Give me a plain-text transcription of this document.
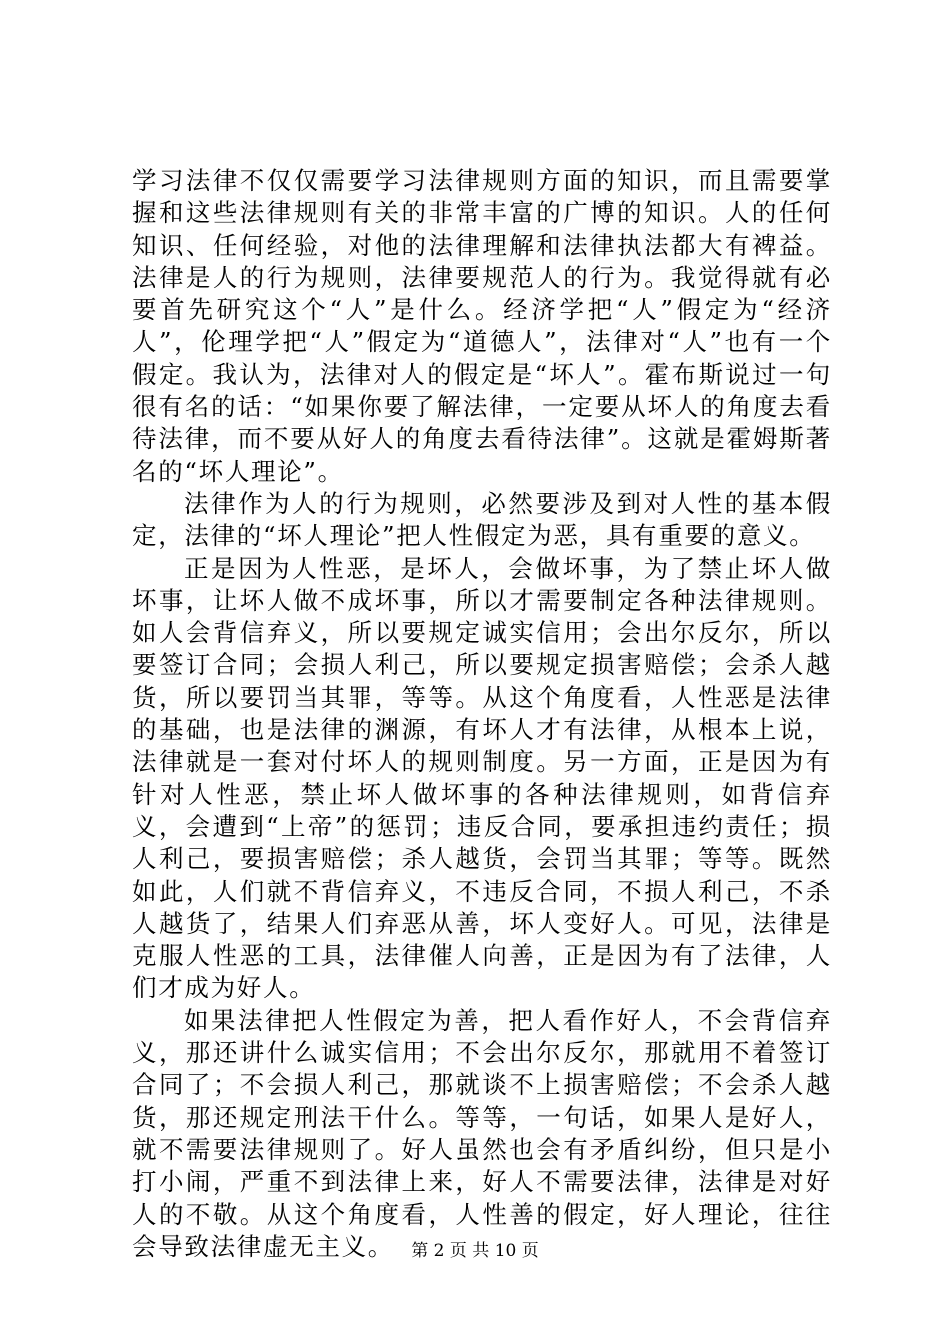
学习法律不仅仅需要学习法律规则方面的知识，而且需要掌握和这些法律规则有关的非常丰富的广博的知识。人的任何知识、任何经验，对他的法律理解和法律执法都大有裨益。法律是人的行为规则，法律要规范人的行为。我觉得就有必要首先研究这个“人”是什么。经济学把“人”假定为“经济人”，伦理学把“人”假定为“道德人”，法律对“人”也有一个假定。我认为，法律对人的假定是“坏人”。霍布斯说过一句很有名的话：“如果你要了解法律，一定要从坏人的角度去看待法律，而不要从好人的角度去看待法律”。这就是霍姆斯著名的“坏人理论”。

法律作为人的行为规则，必然要涉及到对人性的基本假定，法律的“坏人理论”把人性假定为恶，具有重要的意义。

正是因为人性恶，是坏人，会做坏事，为了禁止坏人做坏事，让坏人做不成坏事，所以才需要制定各种法律规则。如人会背信弃义，所以要规定诚实信用；会出尔反尔，所以要签订合同；会损人利己，所以要规定损害赔偿；会杀人越货，所以要罚当其罪，等等。从这个角度看，人性恶是法律的基础，也是法律的渊源，有坏人才有法律，从根本上说，法律就是一套对付坏人的规则制度。另一方面，正是因为有针对人性恶，禁止坏人做坏事的各种法律规则，如背信弃义，会遭到“上帝”的惩罚；违反合同，要承担违约责任；损人利己，要损害赔偿；杀人越货，会罚当其罪；等等。既然如此，人们就不背信弃义，不违反合同，不损人利己，不杀人越货了，结果人们弃恶从善，坏人变好人。可见，法律是克服人性恶的工具，法律催人向善，正是因为有了法律，人们才成为好人。

如果法律把人性假定为善，把人看作好人，不会背信弃义，那还讲什么诚实信用；不会出尔反尔，那就用不着签订合同了；不会损人利己，那就谈不上损害赔偿；不会杀人越货，那还规定刑法干什么。等等，一句话，如果人是好人，就不需要法律规则了。好人虽然也会有矛盾纠纷，但只是小打小闹，严重不到法律上来，好人不需要法律，法律是对好人的不敬。从这个角度看，人性善的假定，好人理论，往往会导致法律虚无主义。	第 2 页 共 10 页
